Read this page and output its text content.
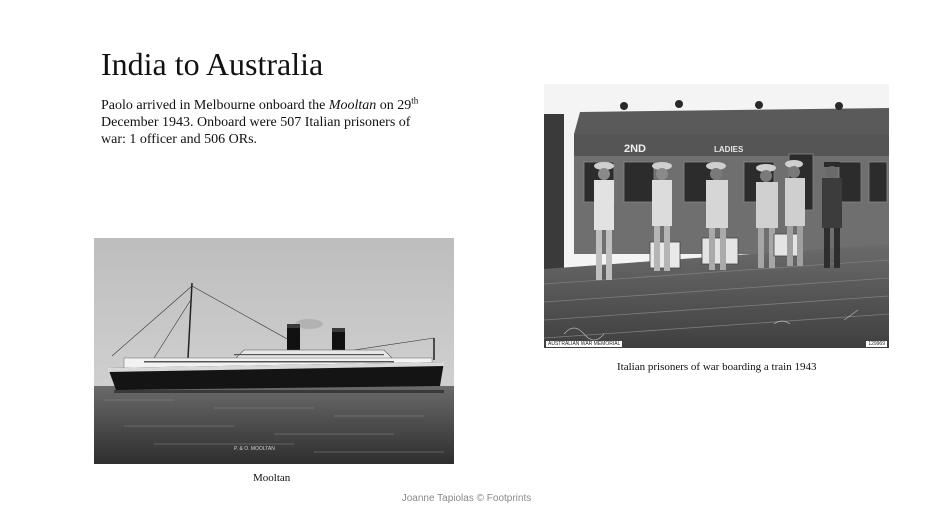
India to Australia
Paolo arrived in Melbourne onboard the Mooltan on 29th December 1943. Onboard were 507 Italian prisoners of war: 1 officer and 506 ORs.
P. & O. MOOLTAN
Mooltan
2ND	LADIES
AUSTRALIAN WAR MEMORIAL	129969
Italian prisoners of war boarding a train 1943
Joanne Tapiolas © Footprints
